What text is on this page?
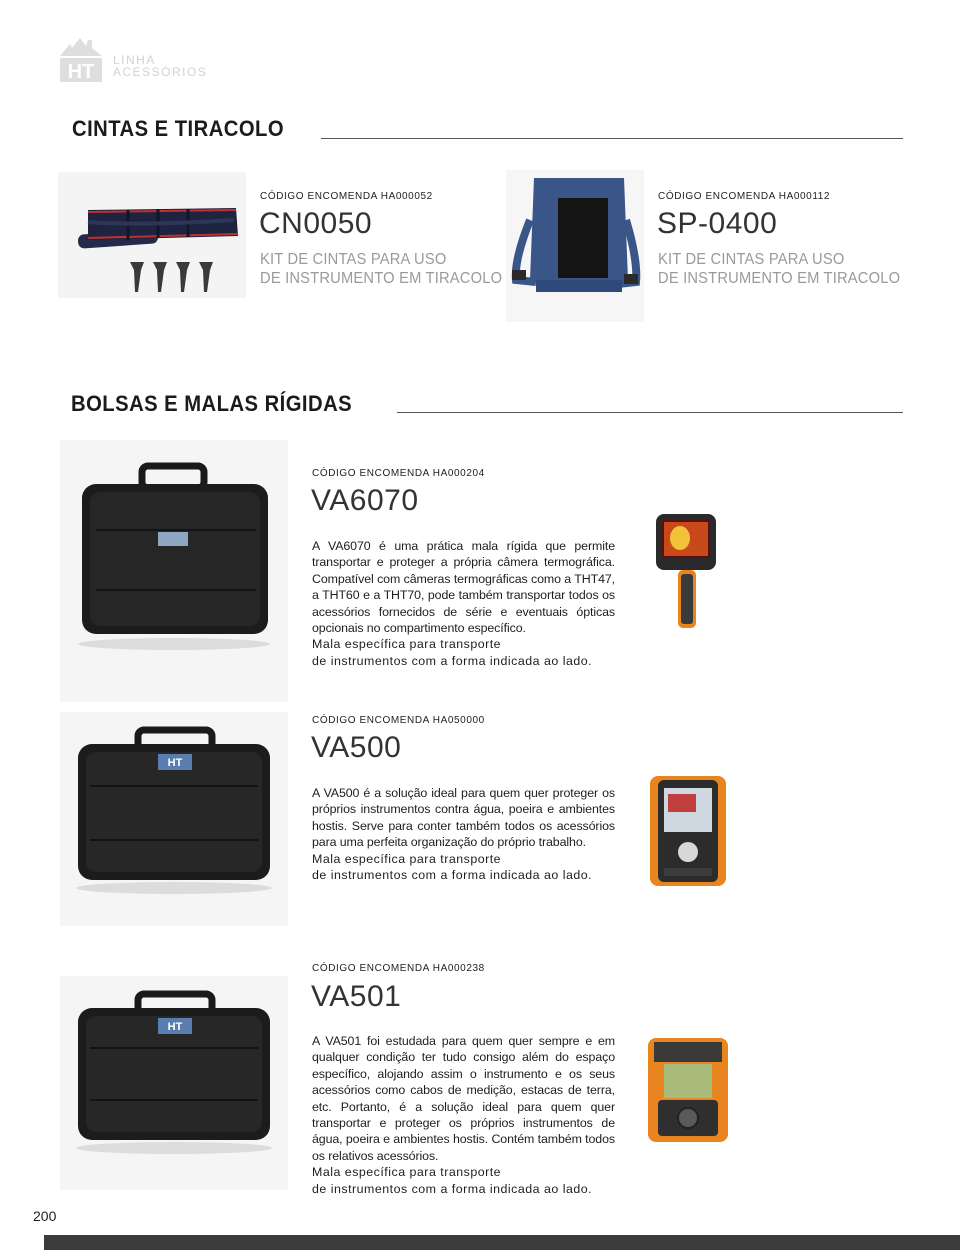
HT
LINHA
ACESSÓRIOS
CINTAS E TIRACOLO
CÓDIGO ENCOMENDA HA000052
CN0050
KIT DE CINTAS PARA USO
DE INSTRUMENTO EM TIRACOLO
CÓDIGO ENCOMENDA HA000112
SP-0400
KIT DE CINTAS PARA USO
DE INSTRUMENTO EM TIRACOLO
BOLSAS E MALAS RÍGIDAS
CÓDIGO ENCOMENDA HA000204
VA6070

A VA6070 é uma prática mala rígida que permite transportar e proteger a própria câmera termográfica. Compatível com câmeras termográficas como a THT47, a THT60 e a THT70, pode também transportar todos os acessórios fornecidos de série e eventuais ópticas opcionais no compartimento específico.

Mala específica para transporte

de instrumentos com a forma indicada ao lado.

HT
CÓDIGO ENCOMENDA HA050000
VA500

A VA500 é a solução ideal para quem quer proteger os próprios instrumentos contra água, poeira e ambientes hostis. Serve para conter também todos os acessórios para uma perfeita organização do próprio trabalho.

Mala específica para transporte

de instrumentos com a forma indicada ao lado.

HT
CÓDIGO ENCOMENDA HA000238
VA501

A VA501 foi estudada para quem quer sempre e em qualquer condição ter tudo consigo além do espaço específico, alojando assim o instrumento e os seus acessórios como cabos de medição, estacas de terra, etc. Portanto, é a solução ideal para quem quer transportar e proteger os próprios instrumentos de água, poeira e ambientes hostis. Contém também todos os relativos acessórios.

Mala específica para transporte

de instrumentos com a forma indicada ao lado.

200
